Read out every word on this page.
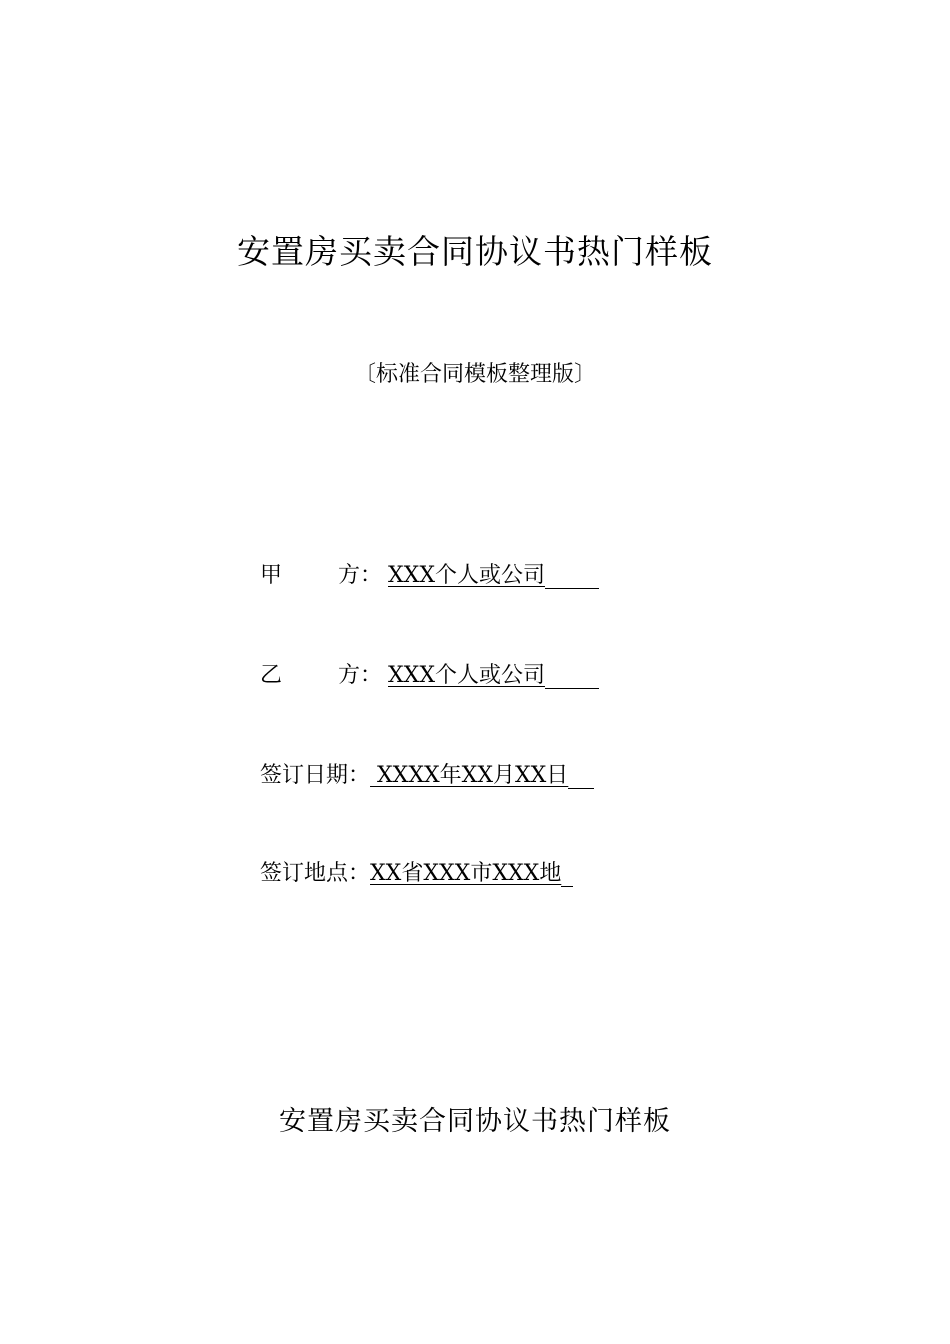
安置房买卖合同协议书热门样板
〔标准合同模板整理版〕
甲	方： XXX个人或公司
乙	方： XXX个人或公司
签订日期： XXXX年XX月XX日
签订地点：XX省XXX市XXX地
安置房买卖合同协议书热门样板
